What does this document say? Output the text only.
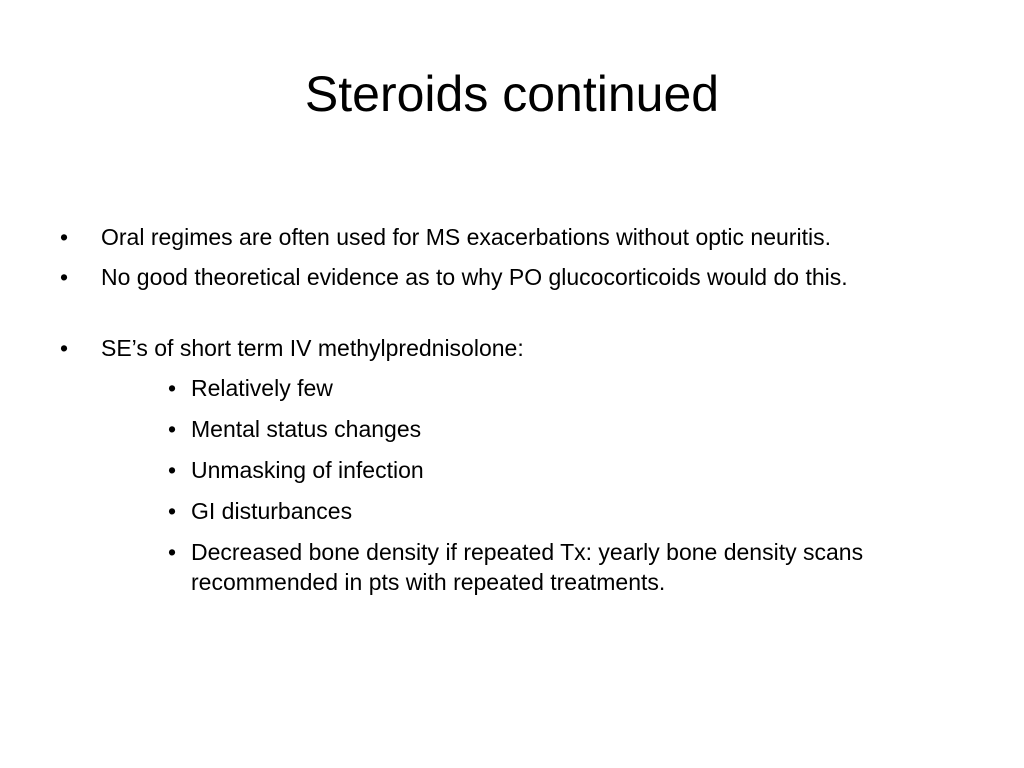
Steroids continued
•	Oral regimes are often used for MS exacerbations without optic neuritis.
•	No good theoretical evidence as to why PO glucocorticoids would do this.
•	SE’s of short term IV methylprednisolone:
• Relatively few
• Mental status changes
• Unmasking of infection
• GI disturbances
• Decreased bone density if repeated Tx: yearly bone density scans recommended in pts with repeated treatments.
